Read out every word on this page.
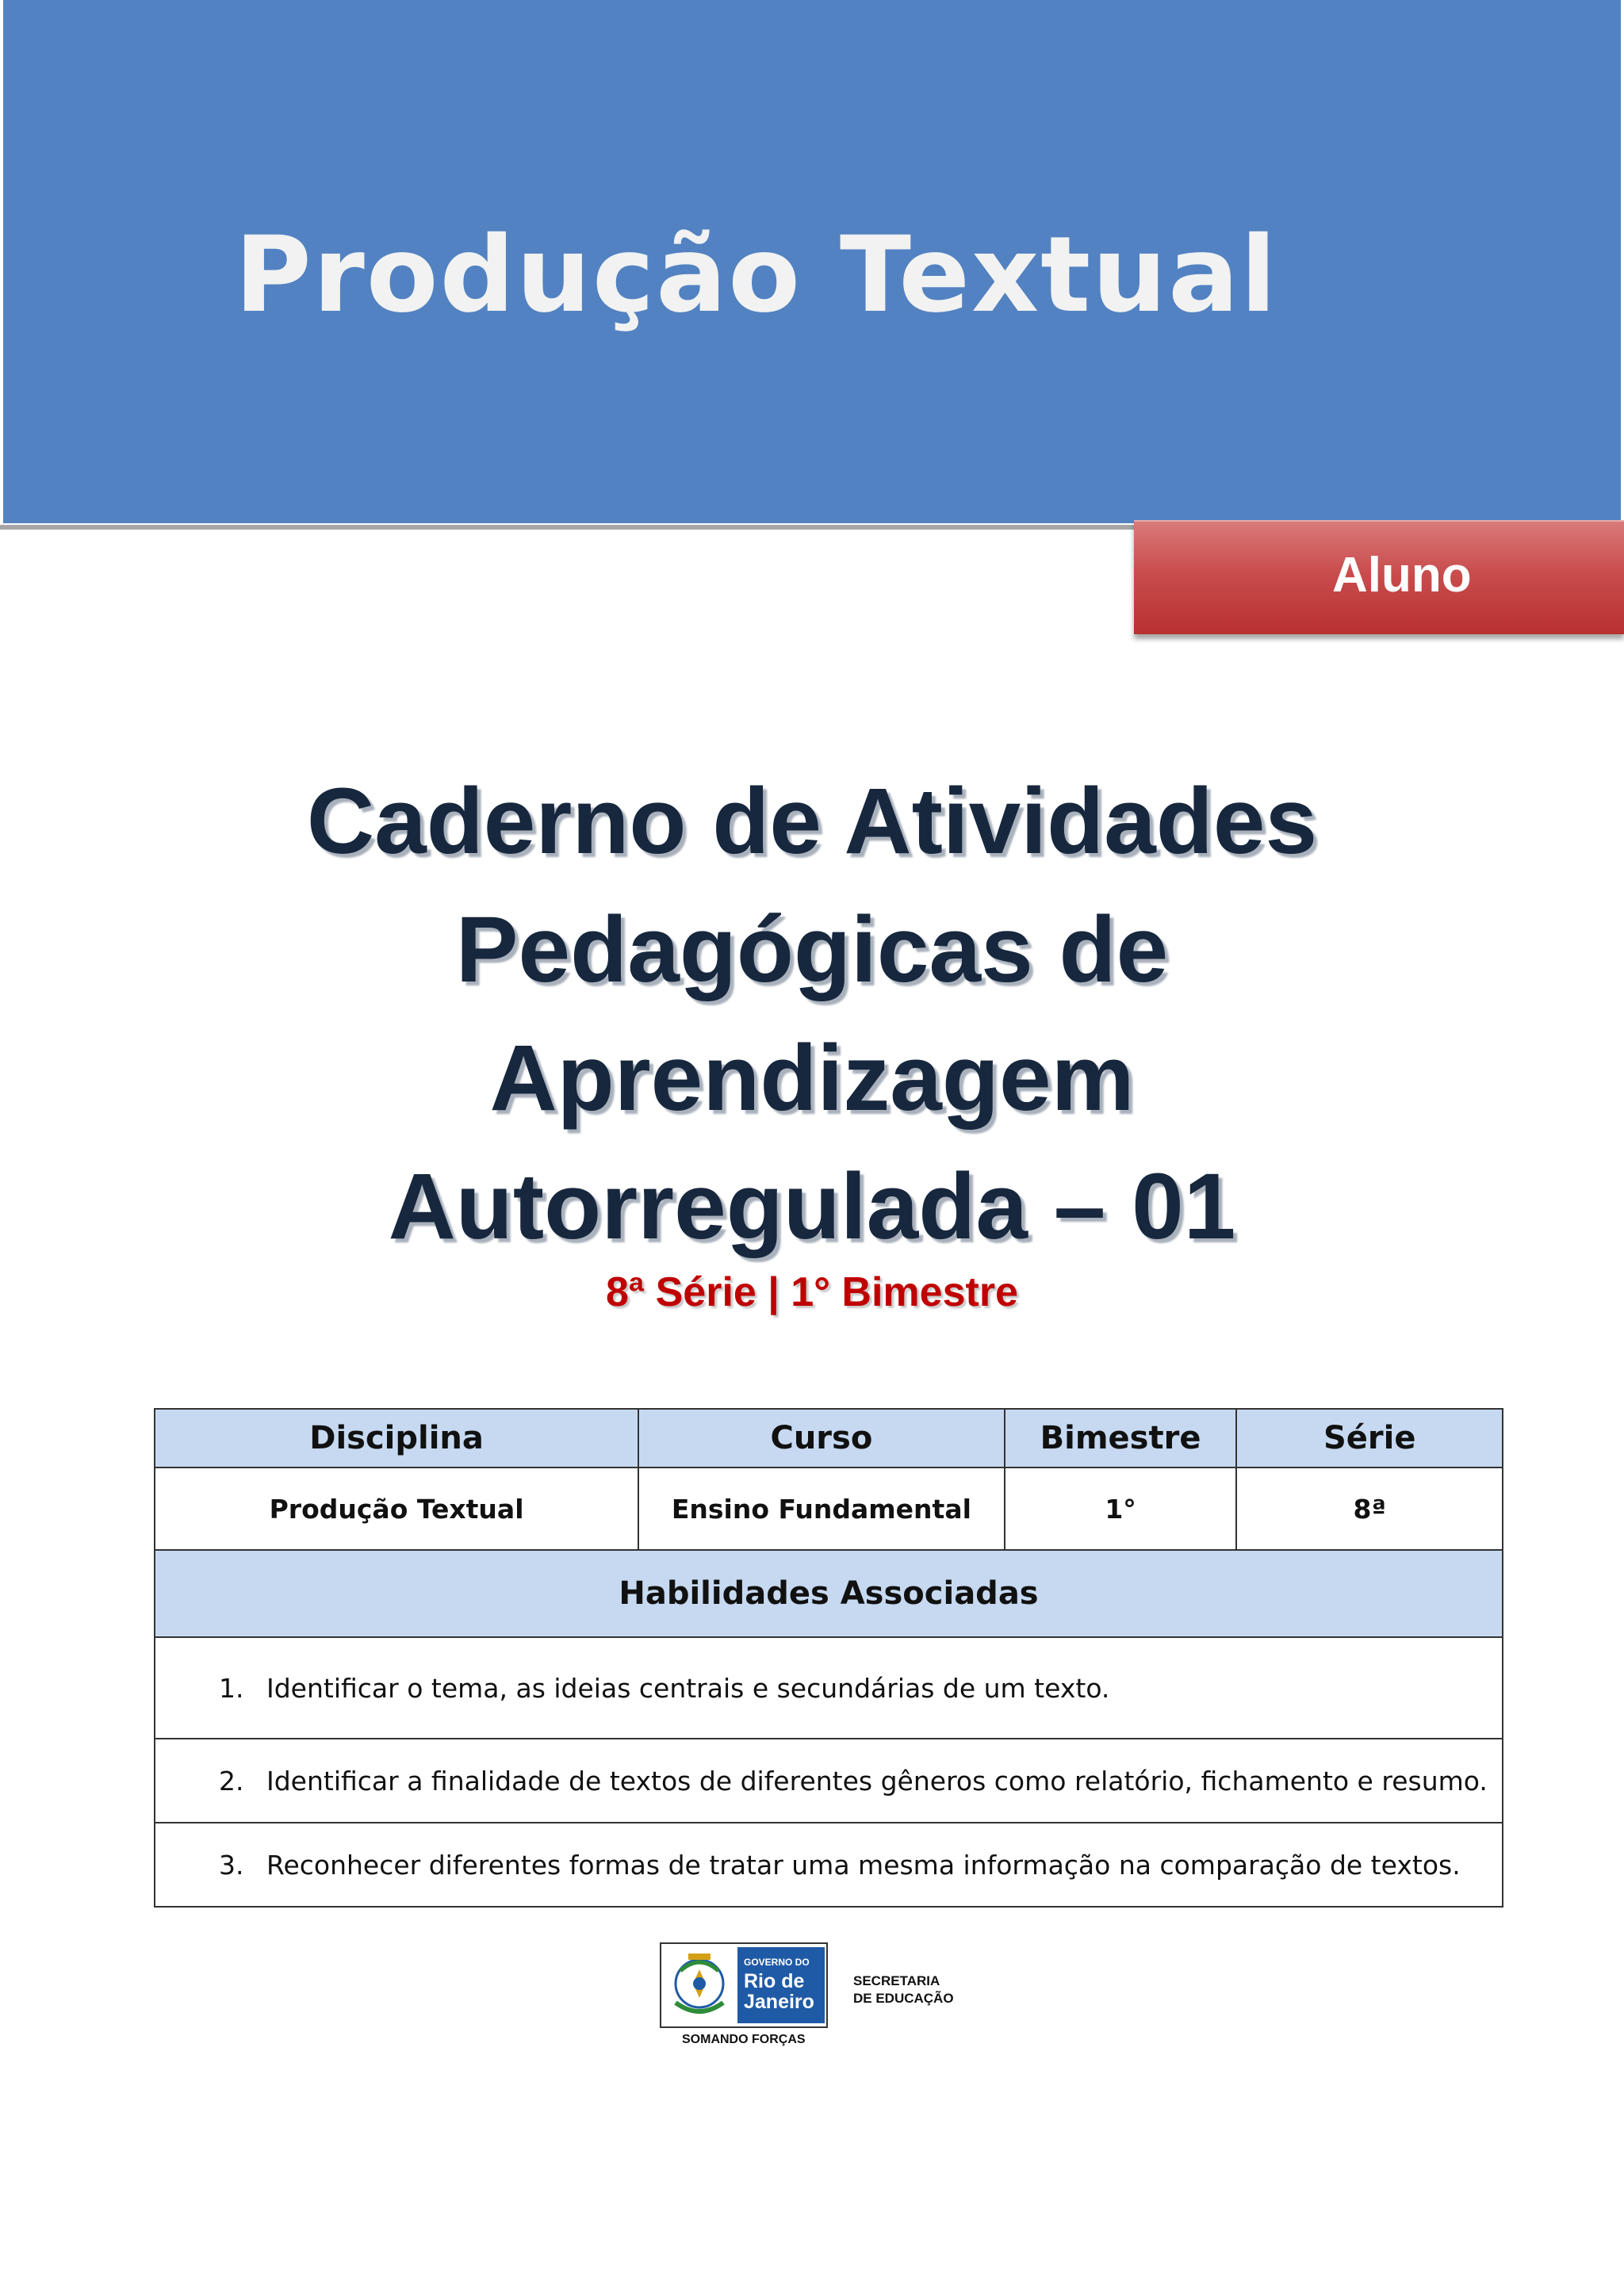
Produção Textual

Aluno

Caderno de Atividades
Pedagógicas de
Aprendizagem
Autorregulada – 01

8ª Série | 1° Bimestre

Disciplina	Curso	Bimestre	Série
Produção Textual	Ensino Fundamental	1°	8ª
Habilidades Associadas			
1. Identificar o tema, as ideias centrais e secundárias de um texto.			
2. Identificar a finalidade de textos de diferentes gêneros como relatório, fichamento e resumo.			
3. Reconhecer diferentes formas de tratar uma mesma informação na comparação de textos.			
GOVERNO DO
Rio de
Janeiro
SOMANDO FORÇAS
SECRETARIA
DE EDUCAÇÃO
